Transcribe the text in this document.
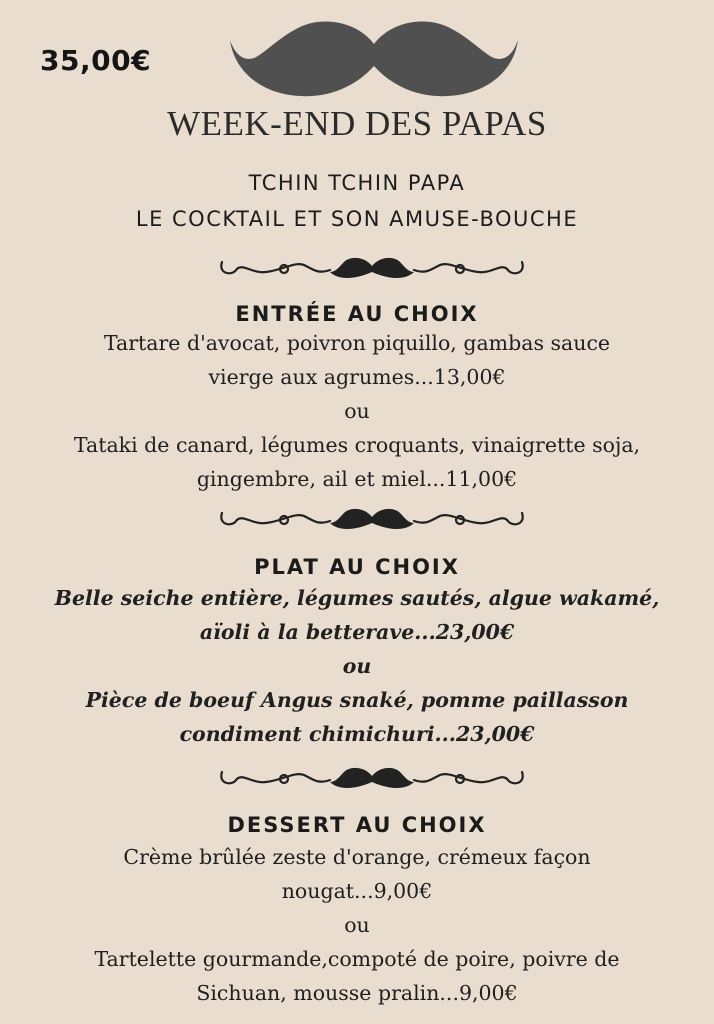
35,00€
WEEK-END DES PAPAS
TCHIN TCHIN PAPA
LE COCKTAIL ET SON AMUSE-BOUCHE
ENTRÉE AU CHOIX
Tartare d'avocat, poivron piquillo, gambas sauce
vierge aux agrumes...13,00€
ou
Tataki de canard, légumes croquants, vinaigrette soja,
gingembre, ail et miel...11,00€
PLAT AU CHOIX
Belle seiche entière, légumes sautés, algue wakamé,
aïoli à la betterave...23,00€
ou
Pièce de boeuf Angus snaké, pomme paillasson
condiment chimichuri...23,00€
DESSERT AU CHOIX
Crème brûlée zeste d'orange, crémeux façon
nougat...9,00€
ou
Tartelette gourmande,compoté de poire, poivre de
Sichuan, mousse pralin...9,00€
